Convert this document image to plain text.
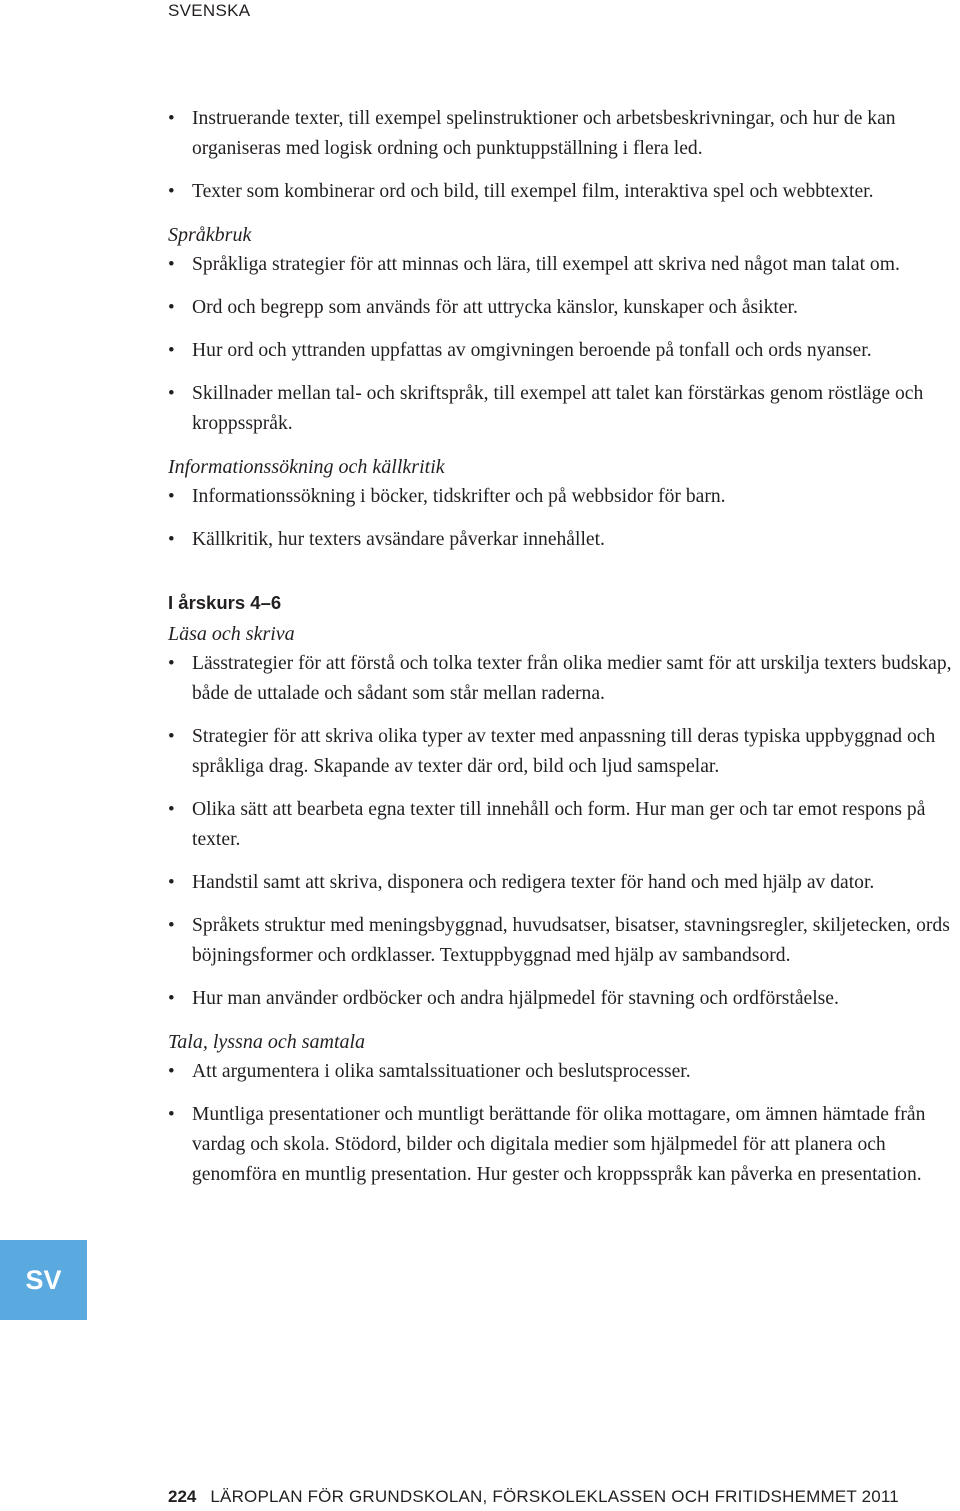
SVENSKA
• Instruerande texter, till exempel spelinstruktioner och arbetsbeskrivningar, och hur de kan organiseras med logisk ordning och punktuppställning i flera led.
• Texter som kombinerar ord och bild, till exempel film, interaktiva spel och webbtexter.

Språkbruk

• Språkliga strategier för att minnas och lära, till exempel att skriva ned något man talat om.
• Ord och begrepp som används för att uttrycka känslor, kunskaper och åsikter.
• Hur ord och yttranden uppfattas av omgivningen beroende på tonfall och ords nyanser.
• Skillnader mellan tal- och skriftspråk, till exempel att talet kan förstärkas genom röstläge och kroppsspråk.

Informationssökning och källkritik

• Informationssökning i böcker, tidskrifter och på webbsidor för barn.
• Källkritik, hur texters avsändare påverkar innehållet.

I årskurs 4–6

Läsa och skriva

• Lässtrategier för att förstå och tolka texter från olika medier samt för att urskilja texters budskap, både de uttalade och sådant som står mellan raderna.
• Strategier för att skriva olika typer av texter med anpassning till deras typiska uppbyggnad och språkliga drag. Skapande av texter där ord, bild och ljud samspelar.
• Olika sätt att bearbeta egna texter till innehåll och form. Hur man ger och tar emot respons på texter.
• Handstil samt att skriva, disponera och redigera texter för hand och med hjälp av dator.
• Språkets struktur med meningsbyggnad, huvudsatser, bisatser, stavningsregler, skiljetecken, ords böjningsformer och ordklasser. Textuppbyggnad med hjälp av sambandsord.
• Hur man använder ordböcker och andra hjälpmedel för stavning och ordförståelse.

Tala, lyssna och samtala

• Att argumentera i olika samtalssituationer och beslutsprocesser.
• Muntliga presentationer och muntligt berättande för olika mottagare, om ämnen hämtade från vardag och skola. Stödord, bilder och digitala medier som hjälpmedel för att planera och genomföra en muntlig presentation. Hur gester och kroppsspråk kan påverka en presentation.
SV
224 LÄROPLAN FÖR GRUNDSKOLAN, FÖRSKOLEKLASSEN OCH FRITIDSHEMMET 2011
